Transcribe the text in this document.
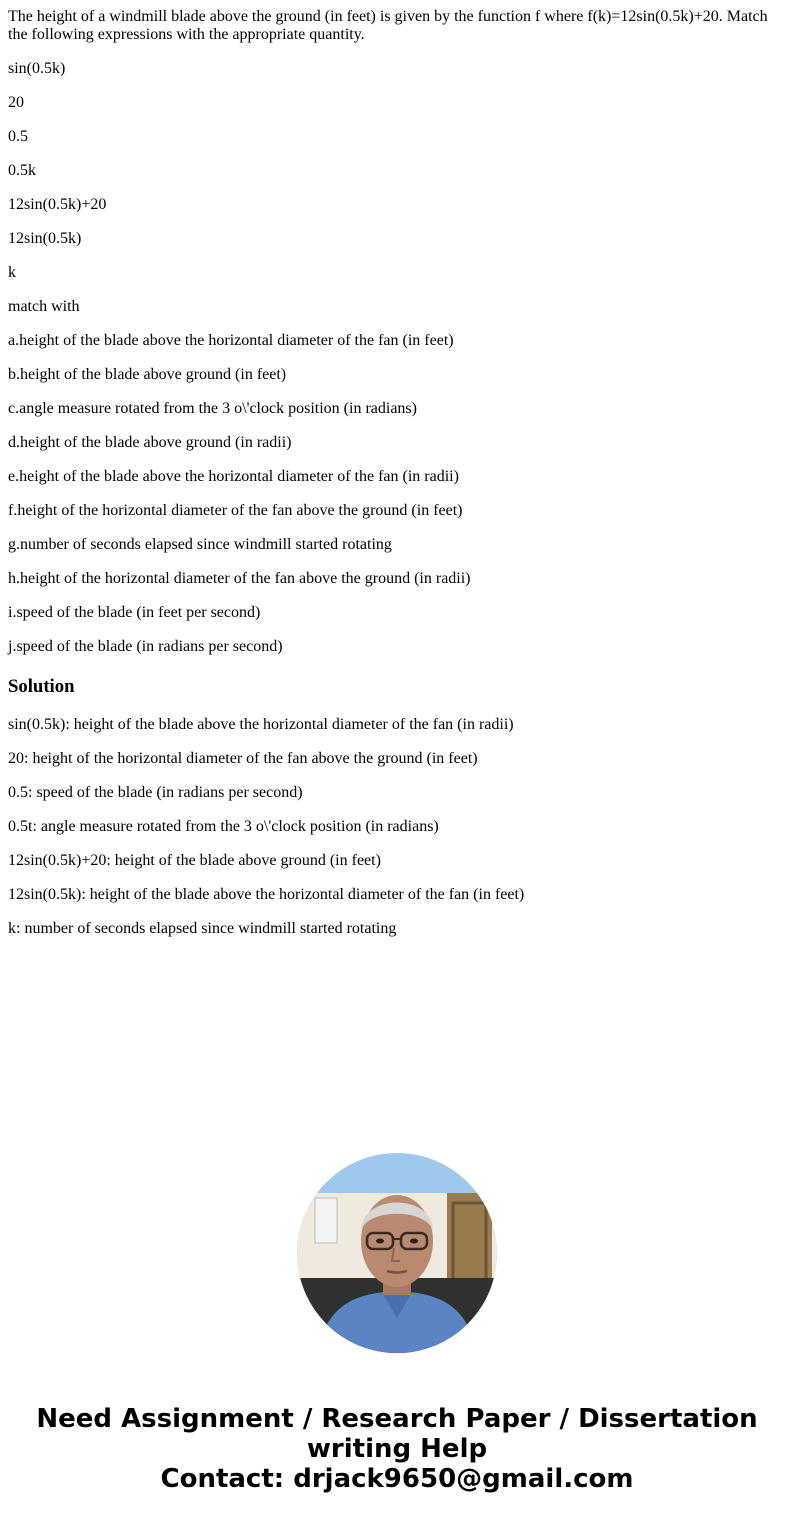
The height of a windmill blade above the ground (in feet) is given by the function f where f(k)=12sin(0.5k)+20. Match the following expressions with the appropriate quantity.
sin(0.5k)
20
0.5
0.5k
12sin(0.5k)+20
12sin(0.5k)
k
match with
a.height of the blade above the horizontal diameter of the fan (in feet)
b.height of the blade above ground (in feet)
c.angle measure rotated from the 3 o\'clock position (in radians)
d.height of the blade above ground (in radii)
e.height of the blade above the horizontal diameter of the fan (in radii)
f.height of the horizontal diameter of the fan above the ground (in feet)
g.number of seconds elapsed since windmill started rotating
h.height of the horizontal diameter of the fan above the ground (in radii)
i.speed of the blade (in feet per second)
j.speed of the blade (in radians per second)
Solution
sin(0.5k): height of the blade above the horizontal diameter of the fan (in radii)
20: height of the horizontal diameter of the fan above the ground (in feet)
0.5: speed of the blade (in radians per second)
0.5t: angle measure rotated from the 3 o\'clock position (in radians)
12sin(0.5k)+20: height of the blade above ground (in feet)
12sin(0.5k): height of the blade above the horizontal diameter of the fan (in feet)
k: number of seconds elapsed since windmill started rotating
Need Assignment / Research Paper / Dissertation
writing Help
Contact: drjack9650@gmail.com
